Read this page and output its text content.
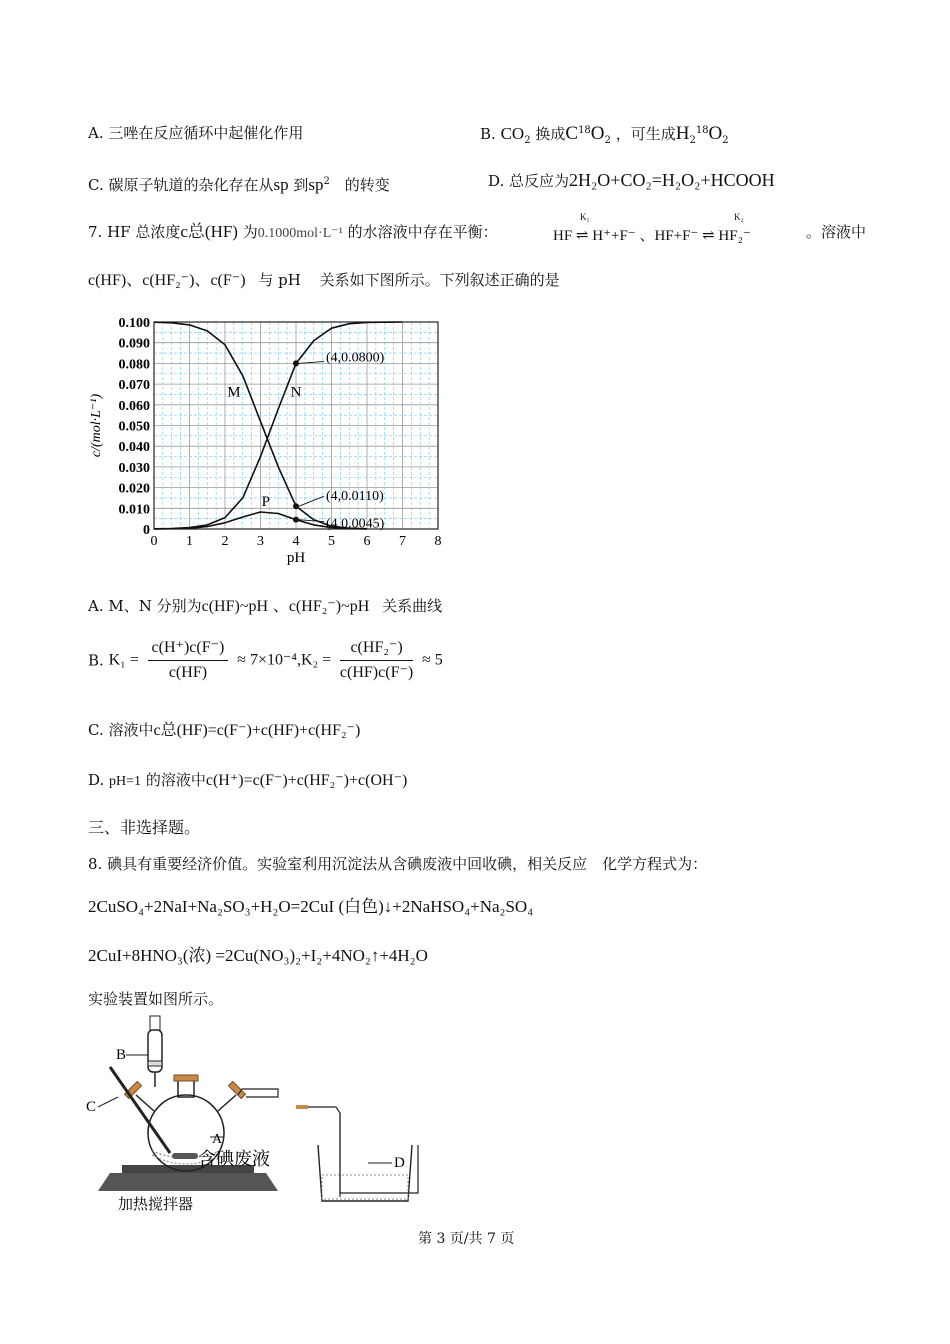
A. 三唑在反应循环中起催化作用	B. $CO_2$ 换成$C^{18}O_2$ ，可生成$H_2^{18}O_2$
C. 碳原子轨道的杂化存在从sp 到$sp^2$ 的转变	D. 总反应为2H₂O+CO₂=H₂O₂+HCOOH
7. HF 总浓度c总(HF) 为0.1000mol·L⁻¹ 的水溶液中存在平衡：	HF ⇌ H⁺+F⁻ 、HF+F⁻ ⇌ HF₂⁻
K₁	K₂
。溶液中
c(HF)、c(HF₂⁻)、c(F⁻) 与 pH 关系如下图所示。下列叙述正确的是
0 1 2 3 4 5 6 7 8
0
0.010
0.020
0.030
0.040
0.050
0.060
0.070
0.080
0.090
0.100
pH
c/(mol·L⁻¹)
(4,0.0800)
(4,0.0110)
(4,0.0045)
M	N
P
A. M、N 分别为c(HF)~pH 、c(HF₂⁻)~pH 关系曲线
B. $K_1 = \frac{c(H^+)c(F^-)}{c(HF)} \approx 7\times 10^{-4},K_2 = \frac{\text{c(HF₂⁻)}}{c(HF)c(F^-)} \approx 5$
C. 溶液中c总(HF)=c(F⁻)+c(HF)+c(HF₂⁻)
D. pH=1 的溶液中c(H⁺)=c(F⁻)+c(HF₂⁻)+c(OH⁻)
三、非选择题。
8. 碘具有重要经济价值。实验室利用沉淀法从含碘废液中回收碘，相关反应　化学方程式为：
2CuSO₄+2NaI+Na₂SO₃+H₂O=2CuI (白色)↓+2NaHSO₄+Na₂SO₄
2CuI+8HNO₃(浓) =2Cu(NO₃)₂+I₂+4NO₂↑+4H₂O
实验装置如图所示。
B
C
A
含碘废液
加热搅拌器
D
第 3 页/共 7 页
